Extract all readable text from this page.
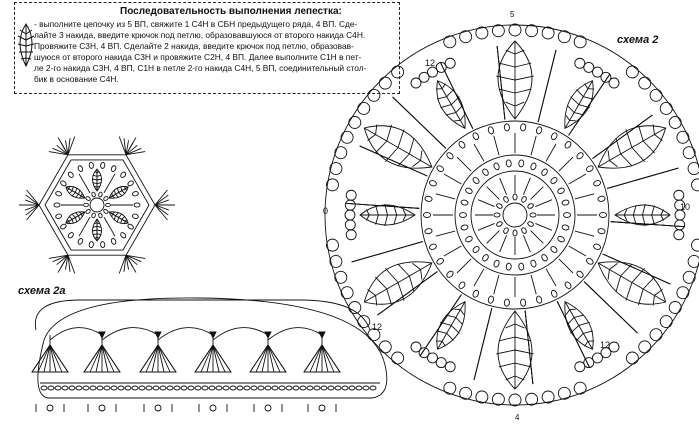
Последовательность выполнения лепестка:
- выполните цепочку из 5 ВП, свяжите 1 С4Н в СБН предыдущего ряда, 4 ВП. Сде-
лайте 3 накида, введите крючок под петлю, образовавшуюся от второго накида С4Н.
Провяжите С3Н, 4 ВП. Сделайте 2 накида, введите крючок под петлю, образовав-
шуюся от второго накида С3Н и провяжите С2Н, 4 ВП. Далее выполните С1Н в пет-
ле 2-го накида С3Н, 4 ВП, С1Н в петле 2-го накида С4Н, 5 ВП, соединительный стол-
бик в основание С4Н.
12
0	10
12
12
5
4
схема 2
схема 2а
